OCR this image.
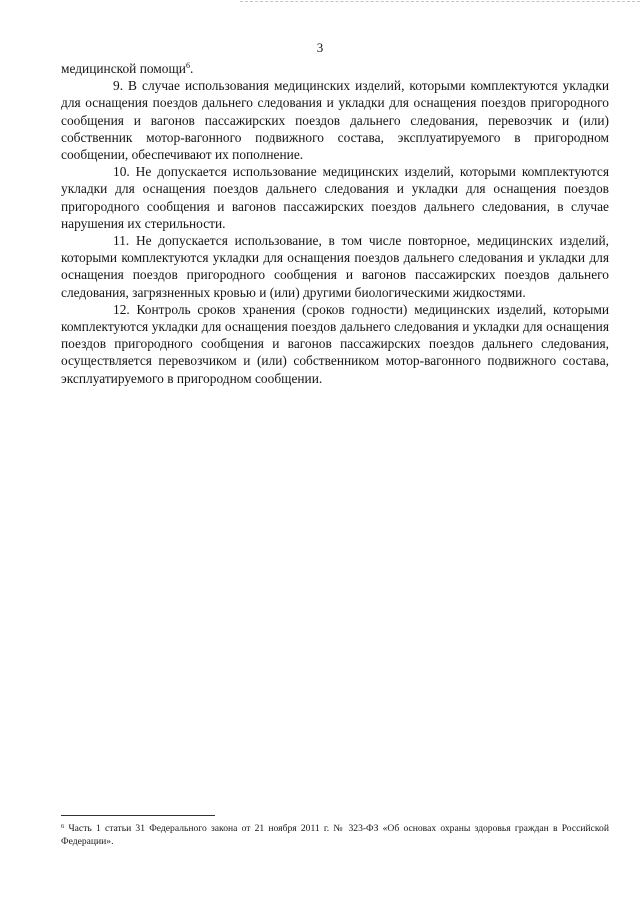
3

медицинской помощи$^6$.

9. В случае использования медицинских изделий, которыми комплектуются укладки для оснащения поездов дальнего следования и укладки для оснащения поездов пригородного сообщения и вагонов пассажирских поездов дальнего следования, перевозчик и (или) собственник мотор-вагонного подвижного состава, эксплуатируемого в пригородном сообщении, обеспечивают их пополнение.

10. Не допускается использование медицинских изделий, которыми комплектуются укладки для оснащения поездов дальнего следования и укладки для оснащения поездов пригородного сообщения и вагонов пассажирских поездов дальнего следования, в случае нарушения их стерильности.

11. Не допускается использование, в том числе повторное, медицинских изделий, которыми комплектуются укладки для оснащения поездов дальнего следования и укладки для оснащения поездов пригородного сообщения и вагонов пассажирских поездов дальнего следования, загрязненных кровью и (или) другими биологическими жидкостями.

12. Контроль сроков хранения (сроков годности) медицинских изделий, которыми комплектуются укладки для оснащения поездов дальнего следования и укладки для оснащения поездов пригородного сообщения и вагонов пассажирских поездов дальнего следования, осуществляется перевозчиком и (или) собственником мотор-вагонного подвижного состава, эксплуатируемого в пригородном сообщении.

$^6$ Часть 1 статьи 31 Федерального закона от 21 ноября 2011 г. № 323-ФЗ «Об основах охраны здоровья граждан в Российской Федерации».
